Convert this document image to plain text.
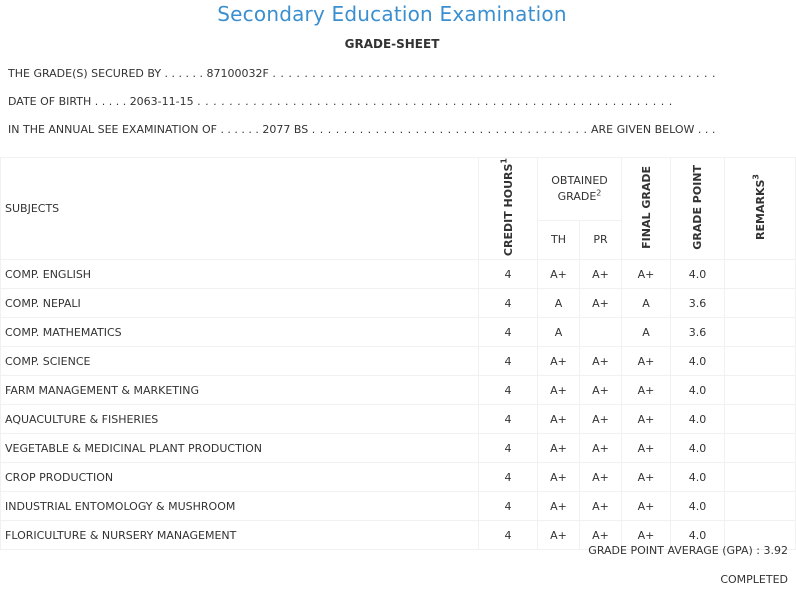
Secondary Education Examination
GRADE-SHEET
THE GRADE(S) SECURED BY . . . . . . 87100032F . . . . . . . . . . . . . . . . . . . . . . . . . . . . . . . . . . . . . . . . . . . . . . . . . . . . . . . .
DATE OF BIRTH . . . . . 2063-11-15 . . . . . . . . . . . . . . . . . . . . . . . . . . . . . . . . . . . . . . . . . . . . . . . . . . . . . . . . . . . .
IN THE ANNUAL SEE EXAMINATION OF . . . . . . 2077 BS . . . . . . . . . . . . . . . . . . . . . . . . . . . . . . . . . . . ARE GIVEN BELOW . . .
SUBJECTS	CREDIT HOURS$^1$	OBTAINED GRADE$^2$		FINAL GRADE	GRADE POINT	REMARKS$^3$
		TH	PR			
COMP. ENGLISH	4	A+	A+	A+	4.0	
COMP. NEPALI	4	A	A+	A	3.6	
COMP. MATHEMATICS	4	A		A	3.6	
COMP. SCIENCE	4	A+	A+	A+	4.0	
FARM MANAGEMENT & MARKETING	4	A+	A+	A+	4.0	
AQUACULTURE & FISHERIES	4	A+	A+	A+	4.0	
VEGETABLE & MEDICINAL PLANT PRODUCTION	4	A+	A+	A+	4.0	
CROP PRODUCTION	4	A+	A+	A+	4.0	
INDUSTRIAL ENTOMOLOGY & MUSHROOM	4	A+	A+	A+	4.0	
FLORICULTURE & NURSERY MANAGEMENT	4	A+	A+	A+	4.0	
GRADE POINT AVERAGE (GPA) : 3.92
COMPLETED
